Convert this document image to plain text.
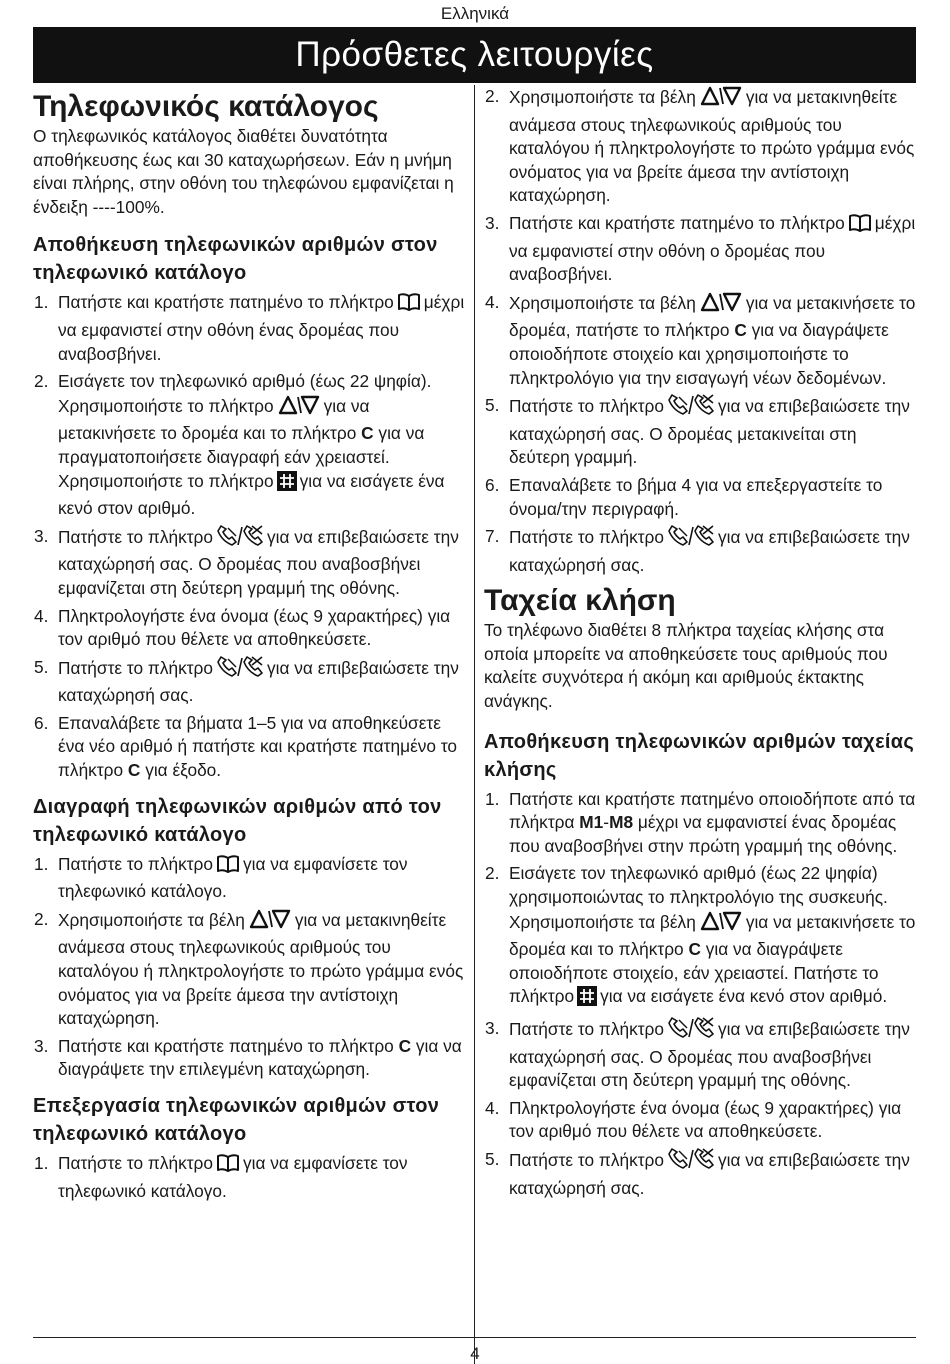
Ελληνικά
Πρόσθετες λειτουργίες
Τηλεφωνικός κατάλογος

Ο τηλεφωνικός κατάλογος διαθέτει δυνατότητα αποθήκευσης έως και 30 καταχωρήσεων. Εάν η μνήμη είναι πλήρης, στην οθόνη του τηλεφώνου εμφανίζεται η ένδειξη ----100%.

Αποθήκευση τηλεφωνικών αριθμών στον τηλεφωνικό κατάλογο
1. Πατήστε και κρατήστε πατημένο το πλήκτρο μέχρι να εμφανιστεί στην οθόνη ένας δρομέας που αναβοσβήνει.
2. Εισάγετε τον τηλεφωνικό αριθμό (έως 22 ψηφία). Χρησιμοποιήστε το πλήκτρο	για να μετακινήσετε το δρομέα και το πλήκτρο C για να πραγματοποιήσετε διαγραφή εάν χρειαστεί. Χρησιμοποιήστε το πλήκτρο για να εισάγετε ένα κενό στον αριθμό.
3. Πατήστε το πλήκτρο	για να επιβεβαιώσετε την καταχώρησή σας. Ο δρομέας που αναβοσβήνει εμφανίζεται στη δεύτερη γραμμή της οθόνης.
4. Πληκτρολογήστε ένα όνομα (έως 9 χαρακτήρες) για τον αριθμό που θέλετε να αποθηκεύσετε.
5. Πατήστε το πλήκτρο	για να επιβεβαιώσετε την καταχώρησή σας.
6. Επαναλάβετε τα βήματα 1–5 για να αποθηκεύσετε ένα νέο αριθμό ή πατήστε και κρατήστε πατημένο το πλήκτρο C για έξοδο.
Διαγραφή τηλεφωνικών αριθμών από τον τηλεφωνικό κατάλογο
1. Πατήστε το πλήκτρο για να εμφανίσετε τον τηλεφωνικό κατάλογο.
2. Χρησιμοποιήστε τα βέλη	για να μετακινηθείτε ανάμεσα στους τηλεφωνικούς αριθμούς του καταλόγου ή πληκτρολογήστε το πρώτο γράμμα ενός ονόματος για να βρείτε άμεσα την αντίστοιχη καταχώρηση.
3. Πατήστε και κρατήστε πατημένο το πλήκτρο C για να διαγράψετε την επιλεγμένη καταχώρηση.
Επεξεργασία τηλεφωνικών αριθμών στον τηλεφωνικό κατάλογο
1. Πατήστε το πλήκτρο για να εμφανίσετε τον τηλεφωνικό κατάλογο.
2. Χρησιμοποιήστε τα βέλη	για να μετακινηθείτε ανάμεσα στους τηλεφωνικούς αριθμούς του καταλόγου ή πληκτρολογήστε το πρώτο γράμμα ενός ονόματος για να βρείτε άμεσα την αντίστοιχη καταχώρηση.
3. Πατήστε και κρατήστε πατημένο το πλήκτρο μέχρι να εμφανιστεί στην οθόνη ο δρομέας που αναβοσβήνει.
4. Χρησιμοποιήστε τα βέλη	για να μετακινήσετε το δρομέα, πατήστε το πλήκτρο C για να διαγράψετε οποιοδήποτε στοιχείο και χρησιμοποιήστε το πληκτρολόγιο για την εισαγωγή νέων δεδομένων.
5. Πατήστε το πλήκτρο	για να επιβεβαιώσετε την καταχώρησή σας. Ο δρομέας μετακινείται στη δεύτερη γραμμή.
6. Επαναλάβετε το βήμα 4 για να επεξεργαστείτε το όνομα/την περιγραφή.
7. Πατήστε το πλήκτρο	για να επιβεβαιώσετε την καταχώρησή σας.
Ταχεία κλήση

Το τηλέφωνο διαθέτει 8 πλήκτρα ταχείας κλήσης στα οποία μπορείτε να αποθηκεύσετε τους αριθμούς που καλείτε συχνότερα ή ακόμη και αριθμούς έκτακτης ανάγκης.

Αποθήκευση τηλεφωνικών αριθμών ταχείας κλήσης
1. Πατήστε και κρατήστε πατημένο οποιοδήποτε από τα πλήκτρα M1-M8 μέχρι να εμφανιστεί ένας δρομέας που αναβοσβήνει στην πρώτη γραμμή της οθόνης.
2. Εισάγετε τον τηλεφωνικό αριθμό (έως 22 ψηφία) χρησιμοποιώντας το πληκτρολόγιο της συσκευής. Χρησιμοποιήστε τα βέλη	για να μετακινήσετε το δρομέα και το πλήκτρο C για να διαγράψετε οποιοδήποτε στοιχείο, εάν χρειαστεί. Πατήστε το πλήκτρο για να εισάγετε ένα κενό στον αριθμό.
3. Πατήστε το πλήκτρο	για να επιβεβαιώσετε την καταχώρησή σας. Ο δρομέας που αναβοσβήνει εμφανίζεται στη δεύτερη γραμμή της οθόνης.
4. Πληκτρολογήστε ένα όνομα (έως 9 χαρακτήρες) για τον αριθμό που θέλετε να αποθηκεύσετε.
5. Πατήστε το πλήκτρο	για να επιβεβαιώσετε την καταχώρησή σας.
4
